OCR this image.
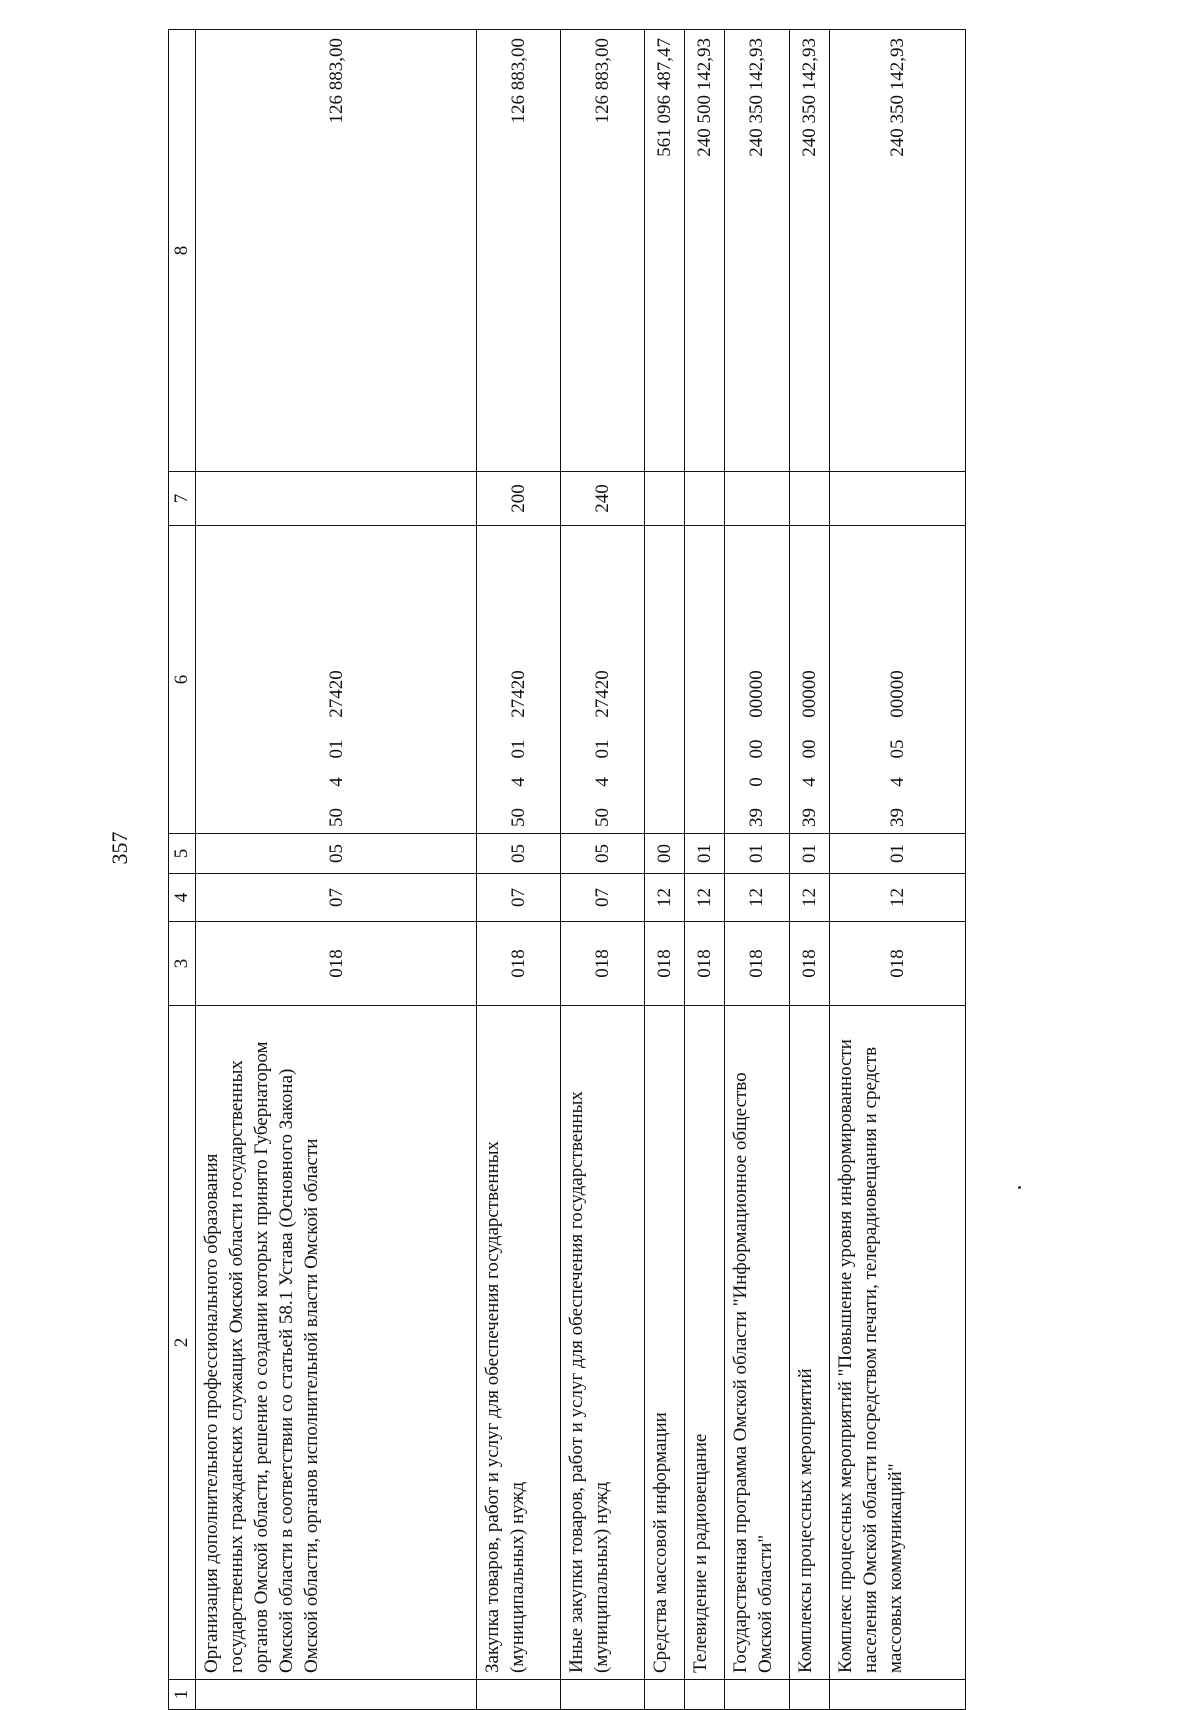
357
1	2	3	4	5	6	7	8
	Организация дополнительного профессионального образования государственных гражданских служащих Омской области государственных органов Омской области, решение о создании которых принято Губернатором Омской области в соответствии со статьей 58.1 Устава (Основного Закона) Омской области, органов исполнительной власти Омской области	018	07	05	5040127420		126 883,00
	Закупка товаров, работ и услуг для обеспечения государственных (муниципальных) нужд	018	07	05	5040127420	200	126 883,00
	Иные закупки товаров, работ и услуг для обеспечения государственных (муниципальных) нужд	018	07	05	5040127420	240	126 883,00
	Средства массовой информации	018	12	00			561 096 487,47
	Телевидение и радиовещание	018	12	01			240 500 142,93
	Государственная программа Омской области "Информационное общество Омской области"	018	12	01	3900000000		240 350 142,93
	Комплексы процессных мероприятий	018	12	01	3940000000		240 350 142,93
	Комплекс процессных мероприятий "Повышение уровня информированности населения Омской области посредством печати, телерадиовещания и средств массовых коммуникаций"	018	12	01	3940500000		240 350 142,93
